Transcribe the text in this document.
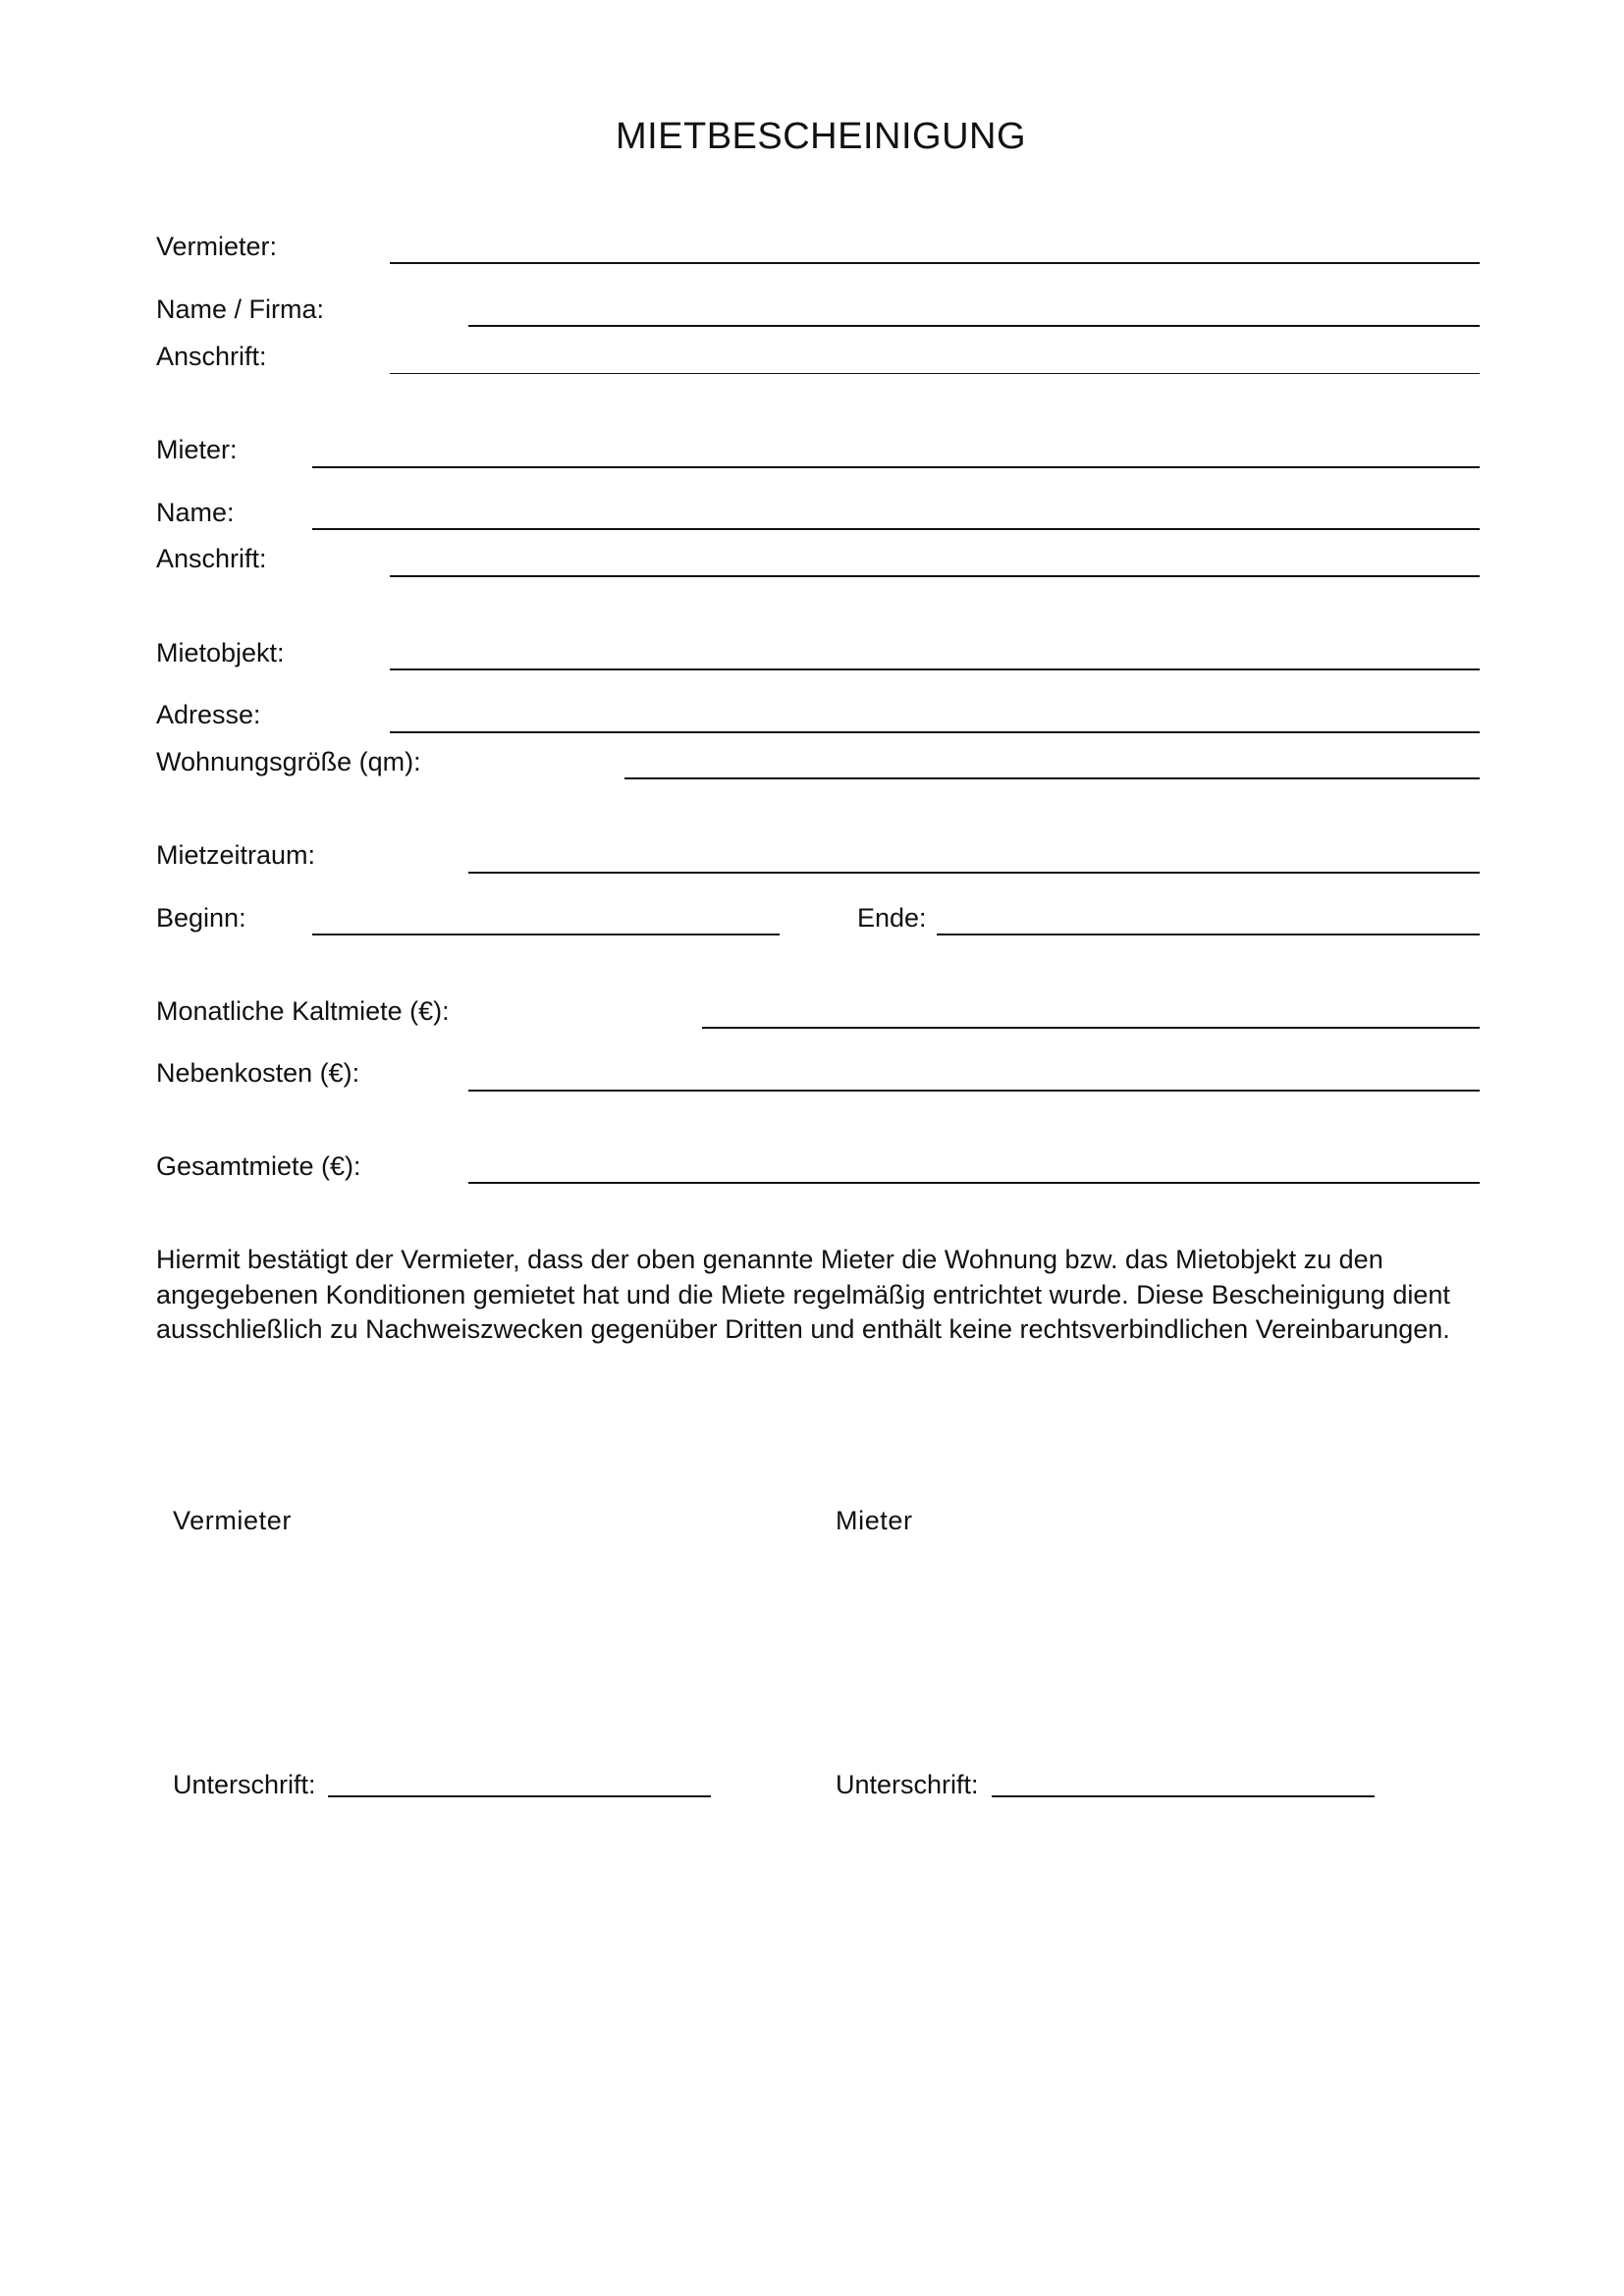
MIETBESCHEINIGUNG
Vermieter:
Name / Firma:
Anschrift:
Mieter:
Name:
Anschrift:
Mietobjekt:
Adresse:
Wohnungsgröße (qm):
Mietzeitraum:
Beginn:	Ende:
Monatliche Kaltmiete (€):
Nebenkosten (€):
Gesamtmiete (€):
Hiermit bestätigt der Vermieter, dass der oben genannte Mieter die Wohnung bzw. das Mietobjekt zu den angegebenen Konditionen gemietet hat und die Miete regelmäßig entrichtet wurde. Diese Bescheinigung dient ausschließlich zu Nachweiszwecken gegenüber Dritten und enthält keine rechtsverbindlichen Vereinbarungen.
Vermieter	Mieter
Unterschrift:	Unterschrift:
